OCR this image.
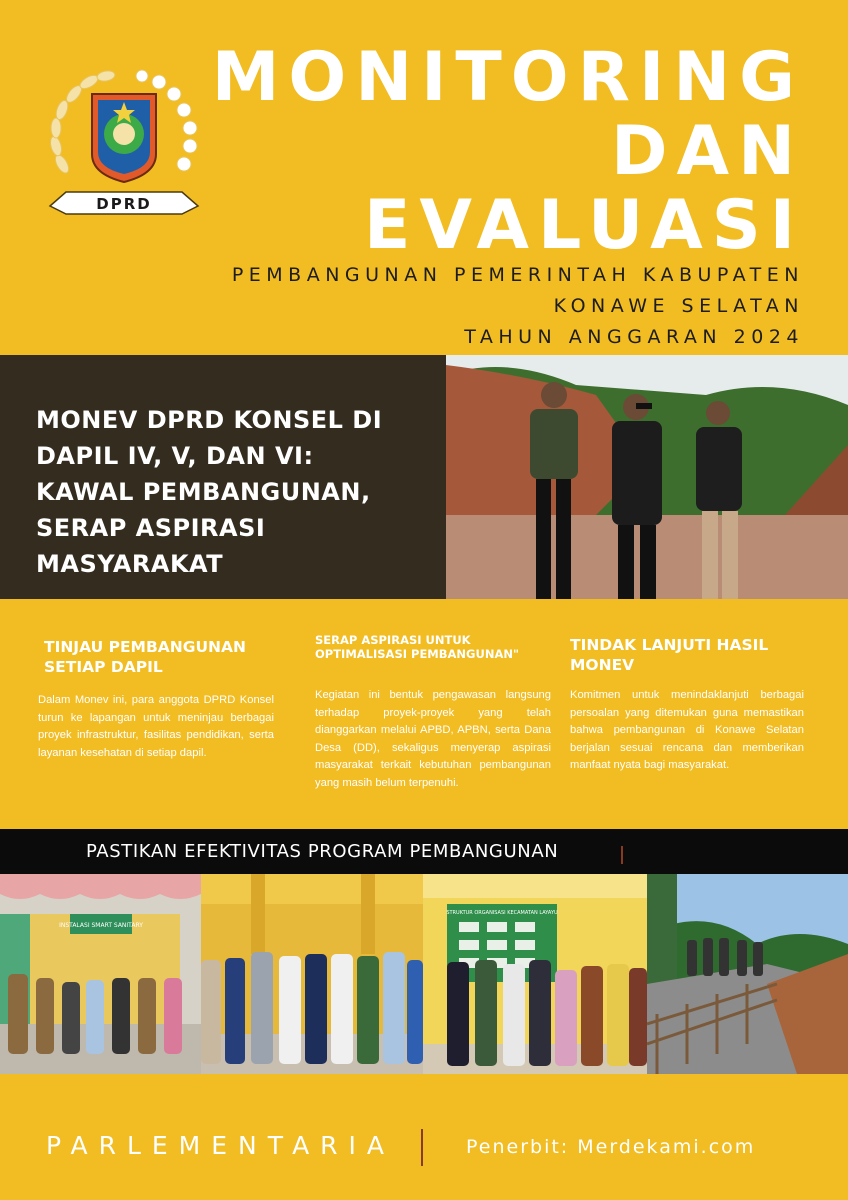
DPRD
MONITORING
DAN
EVALUASI
PEMBANGUNAN PEMERINTAH KABUPATEN
KONAWE SELATAN
TAHUN ANGGARAN 2024
MONEV DPRD KONSEL DI DAPIL IV, V, DAN VI: KAWAL PEMBANGUNAN, SERAP ASPIRASI MASYARAKAT
TINJAU PEMBANGUNAN SETIAP DAPIL
SERAP ASPIRASI UNTUK OPTIMALISASI PEMBANGUNAN"	TINDAK LANJUTI HASIL MONEV
Dalam Monev ini, para anggota DPRD Konsel turun ke lapangan untuk meninjau berbagai proyek infrastruktur, fasilitas pendidikan, serta layanan kesehatan di setiap dapil.
Kegiatan ini bentuk pengawasan langsung terhadap proyek-proyek yang telah dianggarkan melalui APBD, APBN, serta Dana Desa (DD), sekaligus menyerap aspirasi masyarakat terkait kebutuhan pembangunan yang masih belum terpenuhi.
Komitmen untuk menindaklanjuti berbagai persoalan yang ditemukan guna memastikan bahwa pembangunan di Konawe Selatan berjalan sesuai rencana dan memberikan manfaat nyata bagi masyarakat.
PASTIKAN EFEKTIVITAS PROGRAM PEMBANGUNAN
INSTALASI SMART SANITARY
STRUKTUR ORGANISASI KECAMATAN LAYAYU
PARLEMENTARIA	Penerbit: Merdekami.com
